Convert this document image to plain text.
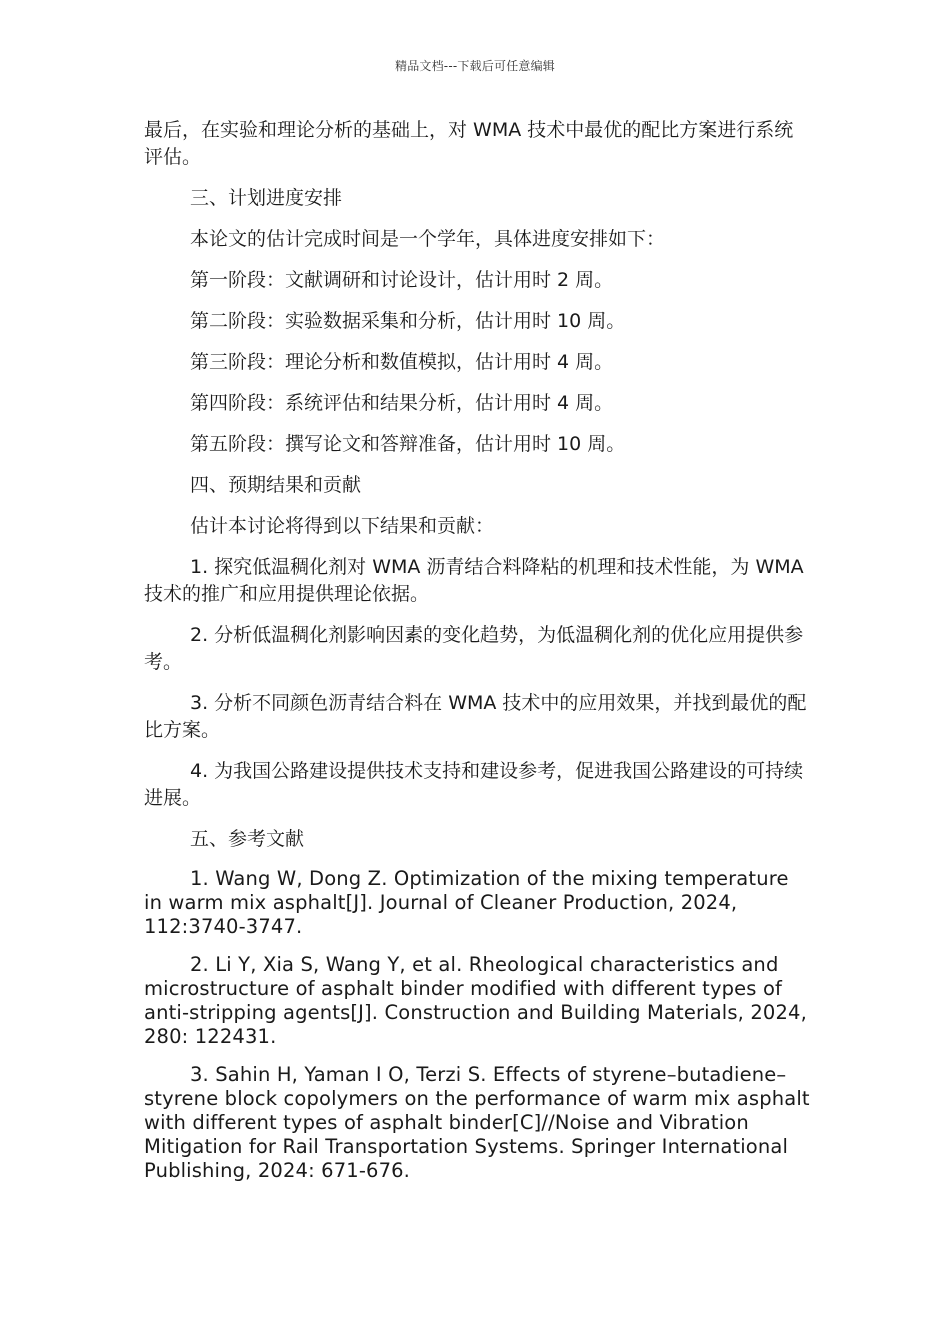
精品文档---下载后可任意编辑

最后，在实验和理论分析的基础上，对 WMA 技术中最优的配比方案进行系统评估。

三、计划进度安排

本论文的估计完成时间是一个学年，具体进度安排如下：

第一阶段：文献调研和讨论设计，估计用时 2 周。

第二阶段：实验数据采集和分析，估计用时 10 周。

第三阶段：理论分析和数值模拟，估计用时 4 周。

第四阶段：系统评估和结果分析，估计用时 4 周。

第五阶段：撰写论文和答辩准备，估计用时 10 周。

四、预期结果和贡献

估计本讨论将得到以下结果和贡献：

1. 探究低温稠化剂对 WMA 沥青结合料降粘的机理和技术性能，为 WMA 技术的推广和应用提供理论依据。

2. 分析低温稠化剂影响因素的变化趋势，为低温稠化剂的优化应用提供参考。

3. 分析不同颜色沥青结合料在 WMA 技术中的应用效果，并找到最优的配比方案。

4. 为我国公路建设提供技术支持和建设参考，促进我国公路建设的可持续进展。

五、参考文献

1. Wang W, Dong Z. Optimization of the mixing temperature in warm mix asphalt[J]. Journal of Cleaner Production, 2024, 112:3740-3747.

2. Li Y, Xia S, Wang Y, et al. Rheological characteristics and microstructure of asphalt binder modified with different types of anti-stripping agents[J]. Construction and Building Materials, 2024, 280: 122431.

3. Sahin H, Yaman I O, Terzi S. Effects of styrene–butadiene–styrene block copolymers on the performance of warm mix asphalt with different types of asphalt binder[C]//Noise and Vibration Mitigation for Rail Transportation Systems. Springer International Publishing, 2024: 671-676.
